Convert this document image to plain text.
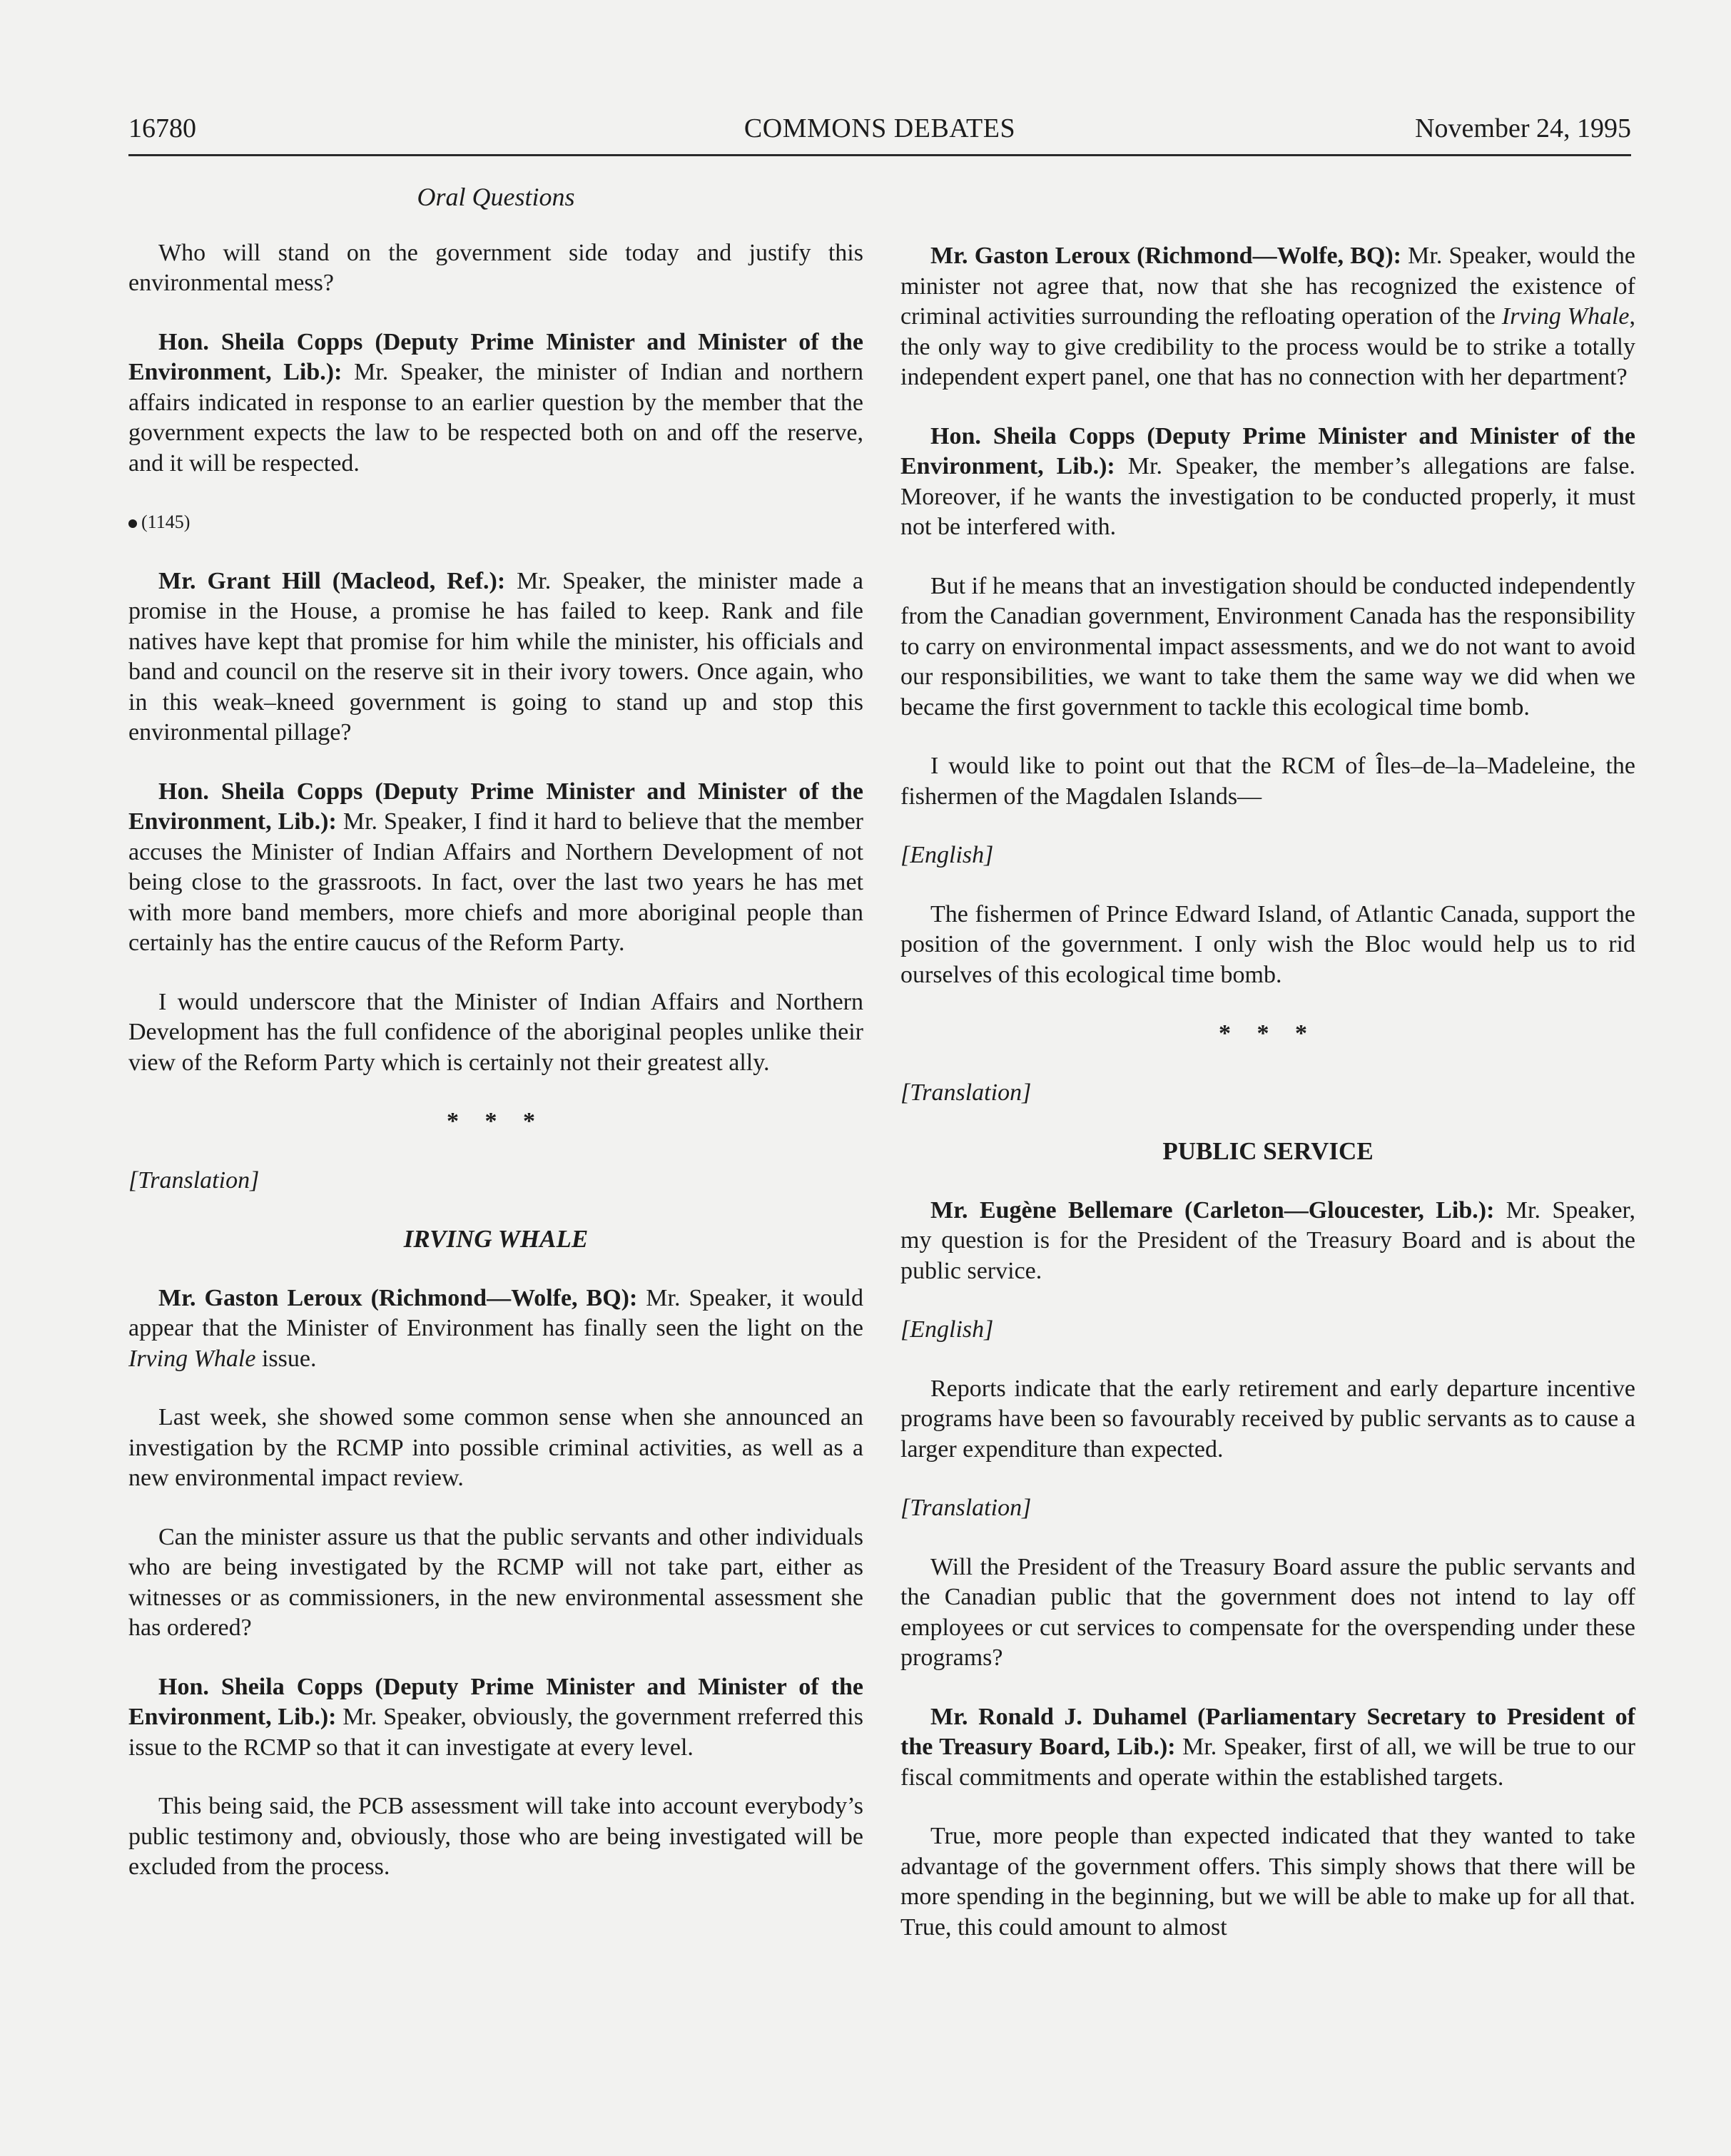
16780	COMMONS DEBATES	November 24, 1995
Oral Questions

Who will stand on the government side today and justify this environmental mess?

Hon. Sheila Copps (Deputy Prime Minister and Minister of the Environment, Lib.): Mr. Speaker, the minister of Indian and northern affairs indicated in response to an earlier question by the member that the government expects the law to be respected both on and off the reserve, and it will be respected.

(1145)

Mr. Grant Hill (Macleod, Ref.): Mr. Speaker, the minister made a promise in the House, a promise he has failed to keep. Rank and file natives have kept that promise for him while the minister, his officials and band and council on the reserve sit in their ivory towers. Once again, who in this weak–kneed government is going to stand up and stop this environmental pillage?

Hon. Sheila Copps (Deputy Prime Minister and Minister of the Environment, Lib.): Mr. Speaker, I find it hard to believe that the member accuses the Minister of Indian Affairs and Northern Development of not being close to the grassroots. In fact, over the last two years he has met with more band members, more chiefs and more aboriginal people than certainly has the entire caucus of the Reform Party.

I would underscore that the Minister of Indian Affairs and Northern Development has the full confidence of the aboriginal peoples unlike their view of the Reform Party which is certainly not their greatest ally.

* * *
[Translation]
IRVING WHALE

Mr. Gaston Leroux (Richmond—Wolfe, BQ): Mr. Speaker, it would appear that the Minister of Environment has finally seen the light on the Irving Whale issue.

Last week, she showed some common sense when she announced an investigation by the RCMP into possible criminal activities, as well as a new environmental impact review.

Can the minister assure us that the public servants and other individuals who are being investigated by the RCMP will not take part, either as witnesses or as commissioners, in the new environmental assessment she has ordered?

Hon. Sheila Copps (Deputy Prime Minister and Minister of the Environment, Lib.): Mr. Speaker, obviously, the government rreferred this issue to the RCMP so that it can investigate at every level.

This being said, the PCB assessment will take into account everybody’s public testimony and, obviously, those who are being investigated will be excluded from the process.

Mr. Gaston Leroux (Richmond—Wolfe, BQ): Mr. Speaker, would the minister not agree that, now that she has recognized the existence of criminal activities surrounding the refloating operation of the Irving Whale, the only way to give credibility to the process would be to strike a totally independent expert panel, one that has no connection with her department?

Hon. Sheila Copps (Deputy Prime Minister and Minister of the Environment, Lib.): Mr. Speaker, the member’s allegations are false. Moreover, if he wants the investigation to be conducted properly, it must not be interfered with.

But if he means that an investigation should be conducted independently from the Canadian government, Environment Canada has the responsibility to carry on environmental impact assessments, and we do not want to avoid our responsibilities, we want to take them the same way we did when we became the first government to tackle this ecological time bomb.

I would like to point out that the RCM of Îles–de–la–Madeleine, the fishermen of the Magdalen Islands—

[English]

The fishermen of Prince Edward Island, of Atlantic Canada, support the position of the government. I only wish the Bloc would help us to rid ourselves of this ecological time bomb.

* * *
[Translation]
PUBLIC SERVICE

Mr. Eugène Bellemare (Carleton—Gloucester, Lib.): Mr. Speaker, my question is for the President of the Treasury Board and is about the public service.

[English]

Reports indicate that the early retirement and early departure incentive programs have been so favourably received by public servants as to cause a larger expenditure than expected.

[Translation]

Will the President of the Treasury Board assure the public servants and the Canadian public that the government does not intend to lay off employees or cut services to compensate for the overspending under these programs?

Mr. Ronald J. Duhamel (Parliamentary Secretary to President of the Treasury Board, Lib.): Mr. Speaker, first of all, we will be true to our fiscal commitments and operate within the established targets.

True, more people than expected indicated that they wanted to take advantage of the government offers. This simply shows that there will be more spending in the beginning, but we will be able to make up for all that. True, this could amount to almost
